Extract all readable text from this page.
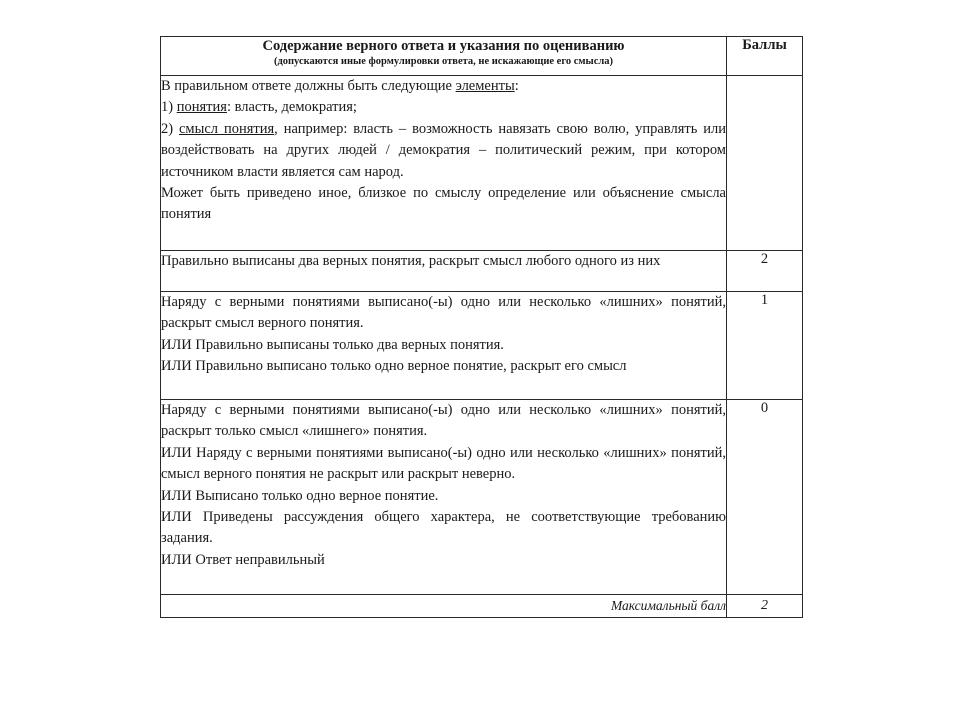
Содержание верного ответа и указания по оцениванию
(допускаются иные формулировки ответа, не искажающие его смысла)	Баллы

В правильном ответе должны быть следующие элементы:
1) понятия: власть, демократия;
2) смысл понятия, например: власть – возможность навязать свою волю, управлять или воздействовать на других людей / демократия – политический режим, при котором источником власти является сам народ.
Может быть приведено иное, близкое по смыслу определение или объяснение смысла понятия	

Правильно выписаны два верных понятия, раскрыт смысл любого одного из них	2

Наряду с верными понятиями выписано(-ы) одно или несколько «лишних» понятий, раскрыт смысл верного понятия.
ИЛИ Правильно выписаны только два верных понятия.
ИЛИ Правильно выписано только одно верное понятие, раскрыт его смысл	1

Наряду с верными понятиями выписано(-ы) одно или несколько «лишних» понятий, раскрыт только смысл «лишнего» понятия.
ИЛИ Наряду с верными понятиями выписано(-ы) одно или несколько «лишних» понятий, смысл верного понятия не раскрыт или раскрыт неверно.
ИЛИ Выписано только одно верное понятие.
ИЛИ Приведены рассуждения общего характера, не соответствующие требованию задания.
ИЛИ Ответ неправильный	0
Максимальный балл	2
